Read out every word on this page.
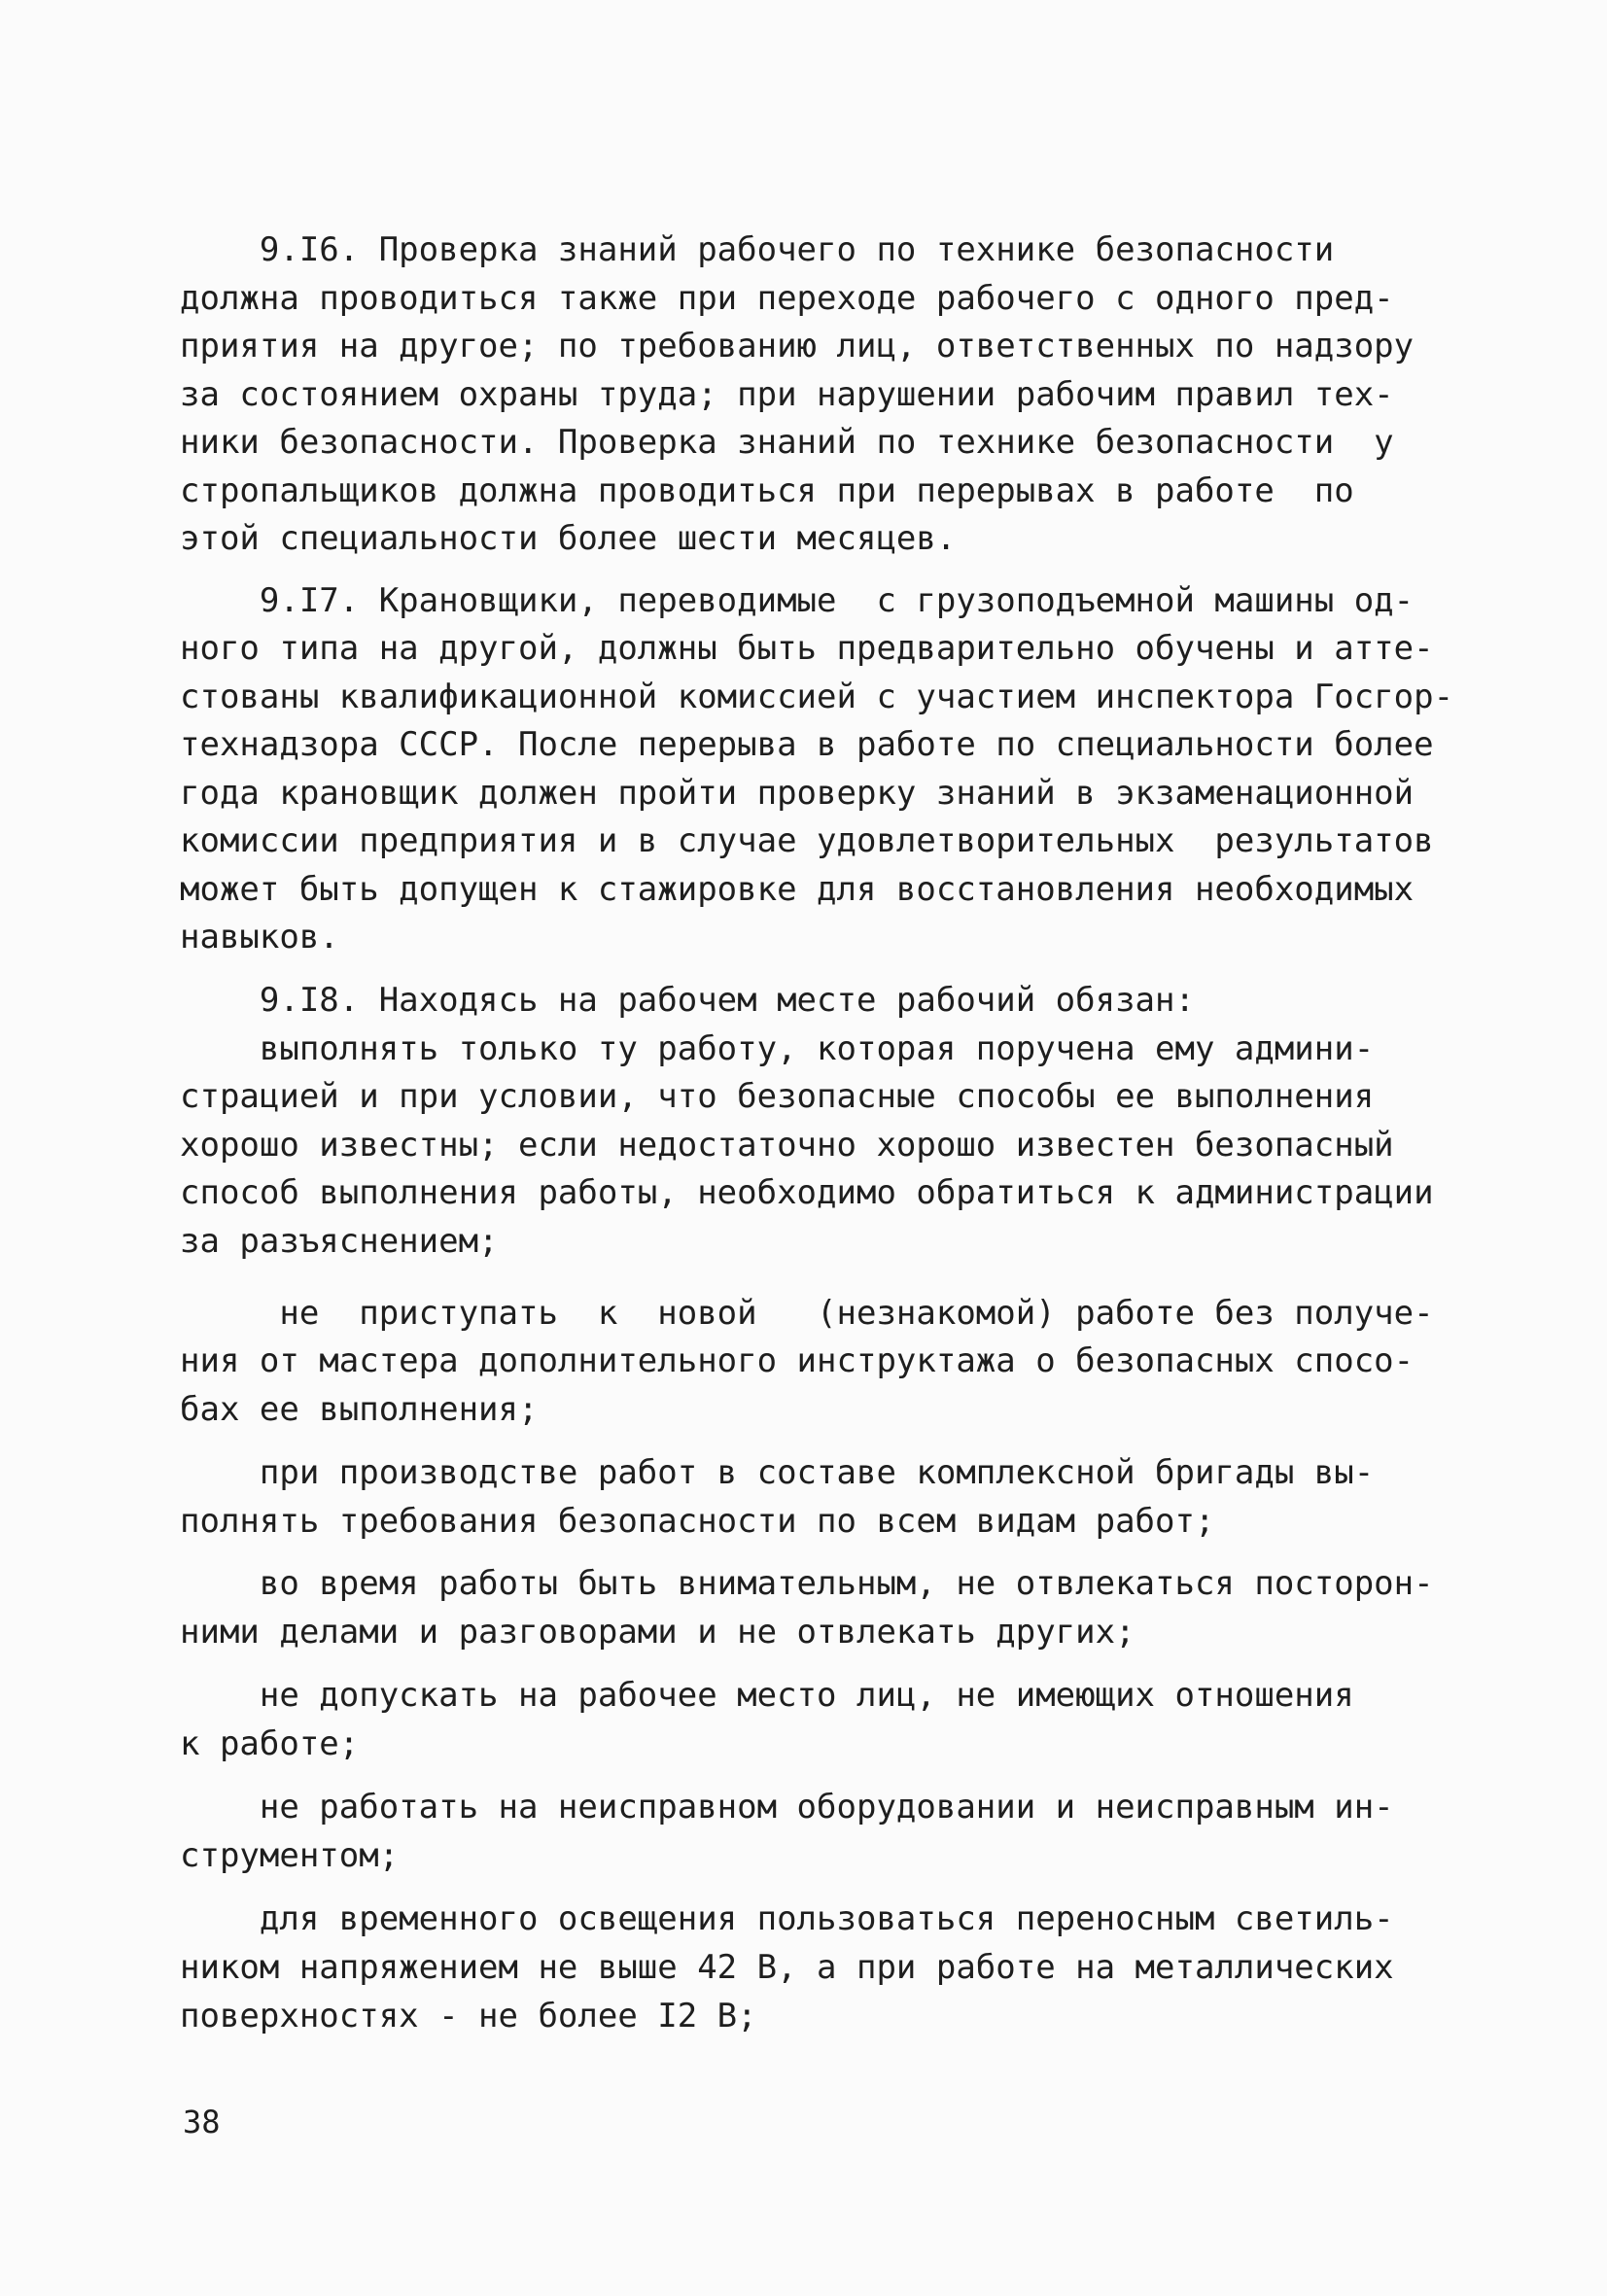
9.I6. Проверка знаний рабочего по технике безопасности
должна проводиться также при переходе рабочего с одного пред-
приятия на другое; по требованию лиц, ответственных по надзору
за состоянием охраны труда; при нарушении рабочим правил тех-
ники безопасности. Проверка знаний по технике безопасности  у
стропальщиков должна проводиться при перерывах в работе  по
этой специальности более шести месяцев.
9.I7. Крановщики, переводимые  с грузоподъемной машины од-
ного типа на другой, должны быть предварительно обучены и атте-
стованы квалификационной комиссией с участием инспектора Госгор-
технадзора СССР. После перерыва в работе по специальности более
года крановщик должен пройти проверку знаний в экзаменационной
комиссии предприятия и в случае удовлетворительных  результатов
может быть допущен к стажировке для восстановления необходимых
навыков.
9.I8. Находясь на рабочем месте рабочий обязан:
выполнять только ту работу, которая поручена ему админи-
страцией и при условии, что безопасные способы ее выполнения
хорошо известны; если недостаточно хорошо известен безопасный
способ выполнения работы, необходимо обратиться к администрации
за разъяснением;
не  приступать  к  новой   (незнакомой) работе без получе-
ния от мастера дополнительного инструктажа о безопасных спосо-
бах ее выполнения;
при производстве работ в составе комплексной бригады вы-
полнять требования безопасности по всем видам работ;
во время работы быть внимательным, не отвлекаться посторон-
ними делами и разговорами и не отвлекать других;
не допускать на рабочее место лиц, не имеющих отношения
к работе;
не работать на неисправном оборудовании и неисправным ин-
струментом;
для временного освещения пользоваться переносным светиль-
ником напряжением не выше 42 В, а при работе на металлических
поверхностях - не более I2 В;
38
